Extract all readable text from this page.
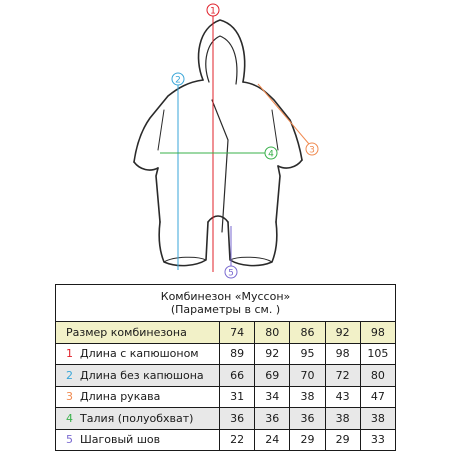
1
2
3
4
5
Комбинезон «Муссон»
(Параметры в см. )					

Размер комбинезона	74	80	86	92	98
1 Длина с капюшоном	89	92	95	98	105
2 Длина без капюшона	66	69	70	72	80
3 Длина рукава	31	34	38	43	47
4 Талия (полуобхват)	36	36	36	38	38
5 Шаговый шов	22	24	29	29	33
